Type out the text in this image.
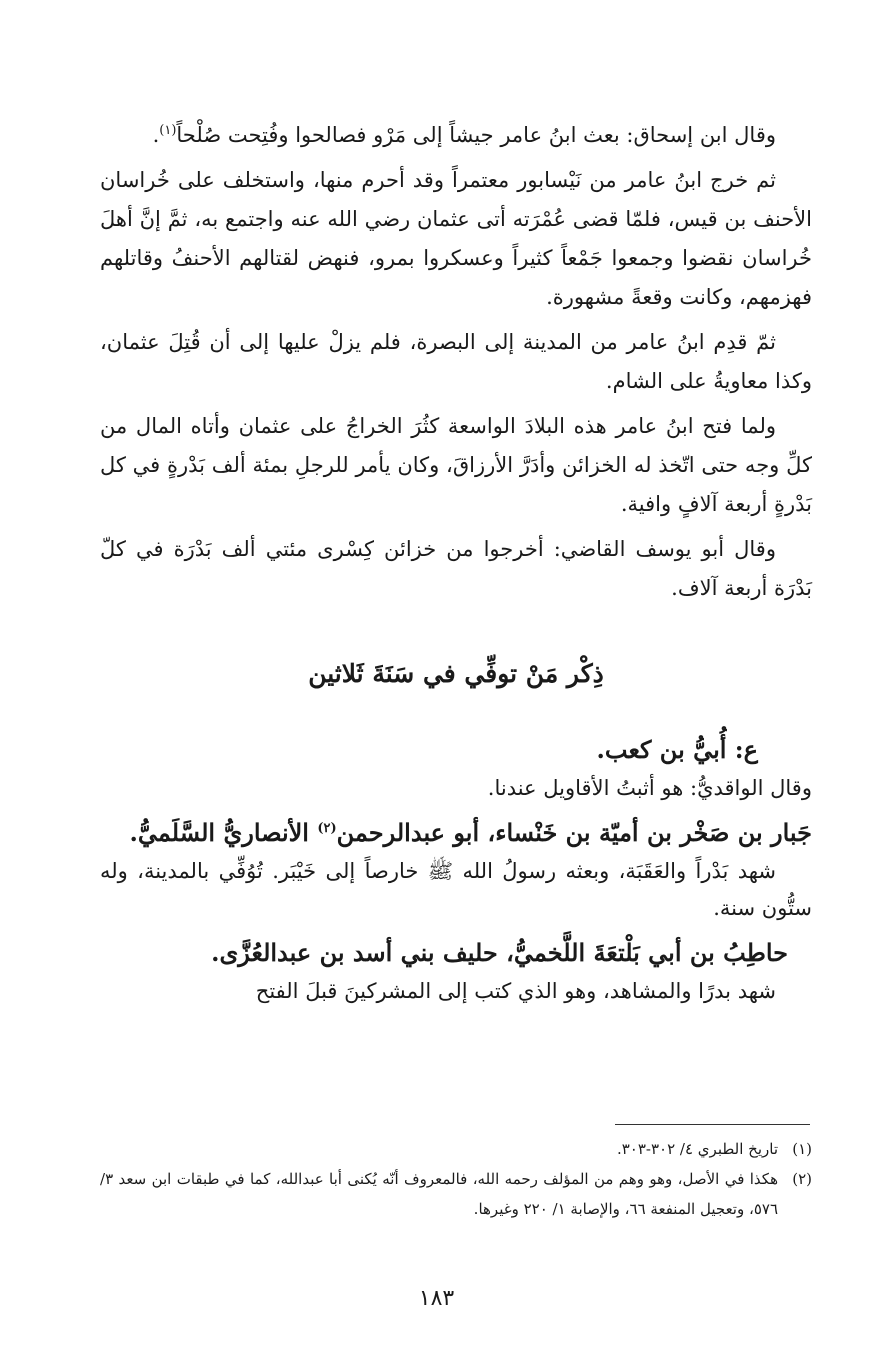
وقال ابن إسحاق: بعث ابنُ عامر جيشاً إلى مَرْو فصالحوا وفُتِحت صُلْحاً$^{(١)}$.

ثم خرج ابنُ عامر من نَيْسابور معتمراً وقد أحرم منها، واستخلف على خُراسان الأحنف بن قيس، فلمّا قضى عُمْرَته أتى عثمان رضي الله عنه واجتمع به، ثمَّ إنَّ أهلَ خُراسان نقضوا وجمعوا جَمْعاً كثيراً وعسكروا بمرو، فنهض لقتالهم الأحنفُ وقاتلهم فهزمهم، وكانت وقعةً مشهورة.

ثمّ قدِم ابنُ عامر من المدينة إلى البصرة، فلم يزلْ عليها إلى أن قُتِلَ عثمان، وكذا معاويةُ على الشام.

ولما فتح ابنُ عامر هذه البلادَ الواسعة كثُرَ الخراجُ على عثمان وأتاه المال من كلِّ وجه حتى اتّخذ له الخزائن وأدَرَّ الأرزاقَ، وكان يأمر للرجلِ بمئة ألف بَدْرةٍ في كل بَدْرةٍ أربعة آلافٍ وافية.

وقال أبو يوسف القاضي: أخرجوا من خزائن كِسْرى مئتي ألف بَدْرَة في كلّ بَدْرَة أربعة آلاف.

ذِكْر مَنْ توفِّي في سَنَةَ ثَلاثين

ع: أُبيُّ بن كعب.

وقال الواقديُّ: هو أثبتُ الأقاويل عندنا.

جَبار بن صَخْر بن أميّة بن خَنْساء، أبو عبدالرحمن$^{(٢)}$ الأنصاريُّ السَّلَميُّ.

شهد بَدْراً والعَقَبَة، وبعثه رسولُ الله ﷺ خارصاً إلى خَيْبَر. تُوُفِّي بالمدينة، وله ستُّون سنة.

حاطِبُ بن أبي بَلْتعَةَ اللَّخميُّ، حليف بني أسد بن عبدالعُزَّى.

شهد بدرًا والمشاهد، وهو الذي كتب إلى المشركينَ قبلَ الفتح

(١)تاريخ الطبري ٤/ ٣٠٢-٣٠٣.

(٢)
هكذا في الأصل، وهو وهم من المؤلف رحمه الله، فالمعروف أنّه يُكنى أبا عبدالله، كما في طبقات ابن سعد ٣/ ٥٧٦، وتعجيل المنفعة ٦٦، والإصابة ١/ ٢٢٠ وغيرها.

١٨٣
